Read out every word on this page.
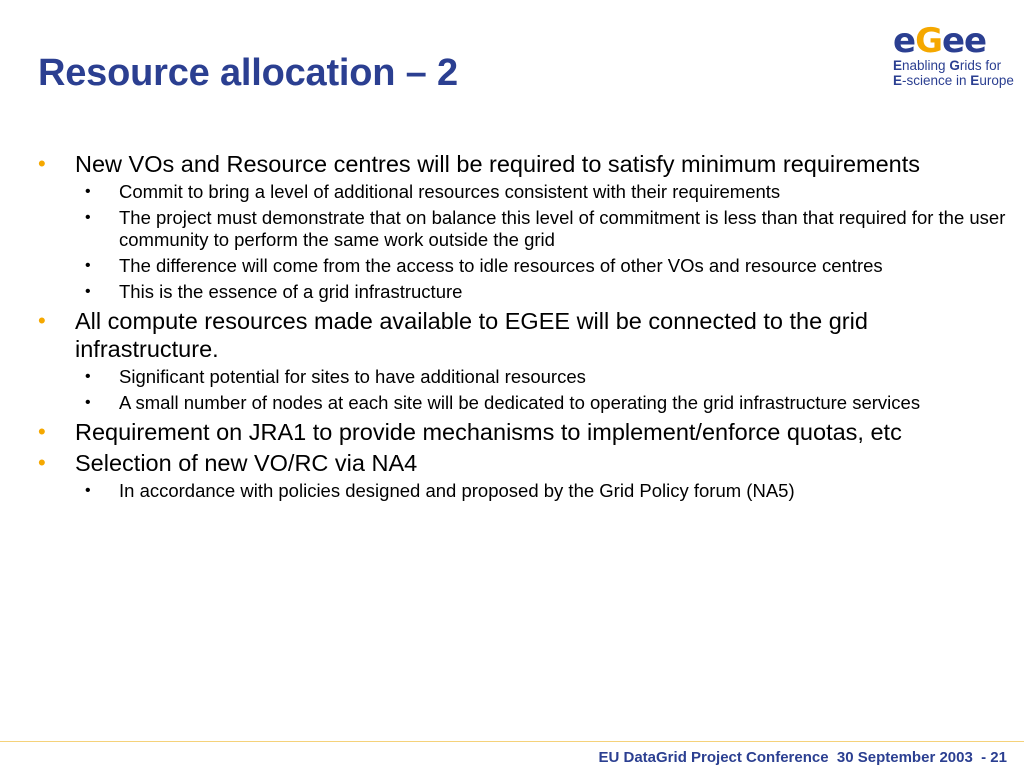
Resource allocation – 2
eGee
Enabling Grids for
E-science in Europe
• New VOs and Resource centres will be required to satisfy minimum requirements
• Commit to bring a level of additional resources consistent with their requirements
• The project must demonstrate that on balance this level of commitment is less than that required for the user community to perform the same work outside the grid
• The difference will come from the access to idle resources of other VOs and resource centres
• This is the essence of a grid infrastructure
• All compute resources made available to EGEE will be connected to the grid infrastructure.
• Significant potential for sites to have additional resources
• A small number of nodes at each site will be dedicated to operating the grid infrastructure services
• Requirement on JRA1 to provide mechanisms to implement/enforce quotas, etc
• Selection of new VO/RC via NA4
• In accordance with policies designed and proposed by the Grid Policy forum (NA5)
EU DataGrid Project Conference  30 September 2003  - 21
